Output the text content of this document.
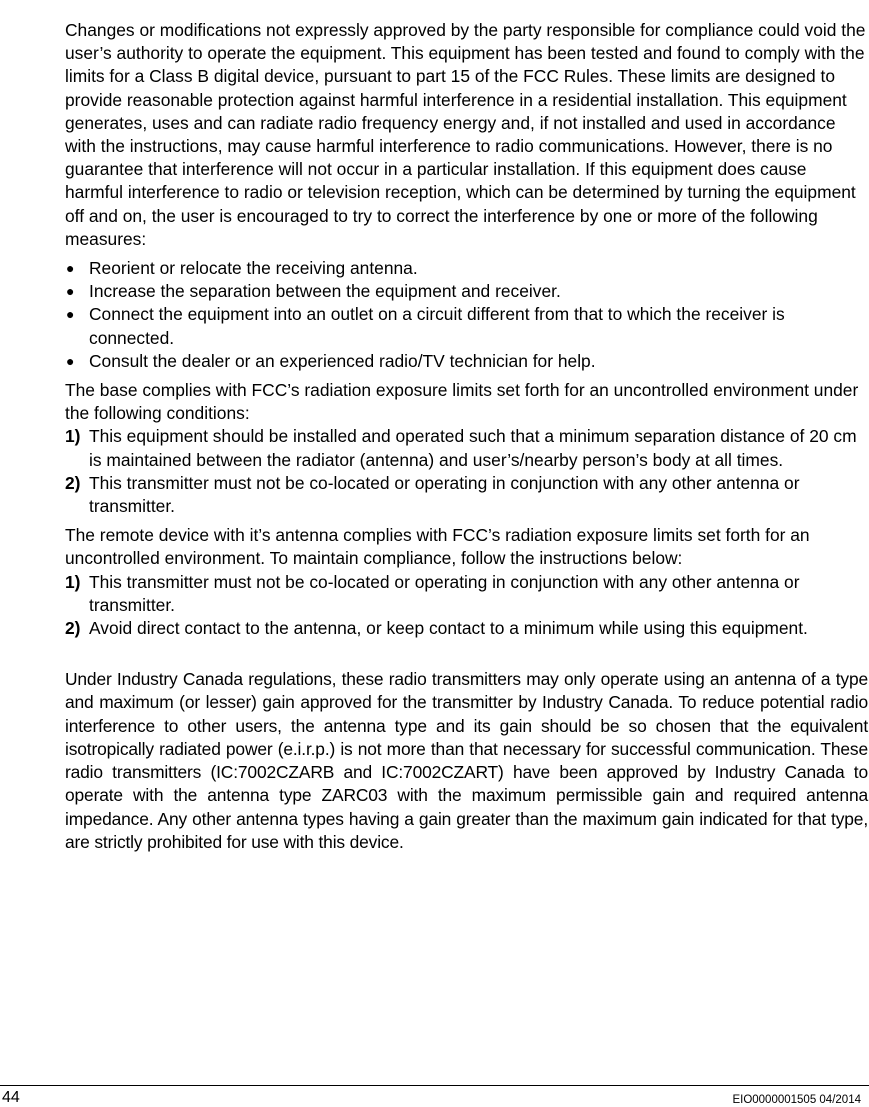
Changes or modifications not expressly approved by the party responsible for compliance could void the user’s authority to operate the equipment. This equipment has been tested and found to comply with the limits for a Class B digital device, pursuant to part 15 of the FCC Rules. These limits are designed to provide reasonable protection against harmful interference in a residential installation. This equipment generates, uses and can radiate radio frequency energy and, if not installed and used in accordance with the instructions, may cause harmful interference to radio communications. However, there is no guarantee that interference will not occur in a particular installation. If this equipment does cause harmful interference to radio or television reception, which can be determined by turning the equipment off and on, the user is encouraged to try to correct the interference by one or more of the following measures:

● Reorient or relocate the receiving antenna.
● Increase the separation between the equipment and receiver.
● Connect the equipment into an outlet on a circuit different from that to which the receiver is connected.
● Consult the dealer or an experienced radio/TV technician for help.

The base complies with FCC’s radiation exposure limits set forth for an uncontrolled environment under the following conditions:

1) This equipment should be installed and operated such that a minimum separation distance of 20 cm is maintained between the radiator (antenna) and user’s/nearby person’s body at all times.
2) This transmitter must not be co-located or operating in conjunction with any other antenna or transmitter.

The remote device with it’s antenna complies with FCC’s radiation exposure limits set forth for an uncontrolled environment. To maintain compliance, follow the instructions below:

1) This transmitter must not be co-located or operating in conjunction with any other antenna or transmitter.
2) Avoid direct contact to the antenna, or keep contact to a minimum while using this equipment.

Under Industry Canada regulations, these radio transmitters may only operate using an antenna of a type and maximum (or lesser) gain approved for the transmitter by Industry Canada. To reduce potential radio interference to other users, the antenna type and its gain should be so chosen that the equivalent isotropically radiated power (e.i.r.p.) is not more than that necessary for successful communication. These radio transmitters (IC:7002CZARB and IC:7002CZART) have been approved by Industry Canada to operate with the antenna type ZARC03 with the maximum permissible gain and required antenna impedance. Any other antenna types having a gain greater than the maximum gain indicated for that type, are strictly prohibited for use with this device.

44	EIO0000001505 04/2014
